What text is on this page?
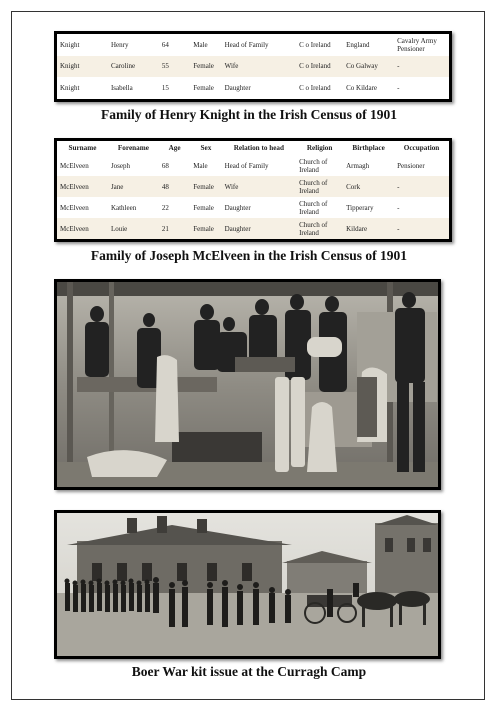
Knight	Henry	64	Male	Head of Family	C o Ireland	England	Cavalry Army Pensioner
Knight	Caroline	55	Female	Wife	C o Ireland	Co Galway	-
Knight	Isabella	15	Female	Daughter	C o Ireland	Co Kildare	-
Family of Henry Knight in the Irish Census of 1901
Surname	Forename	Age	Sex	Relation to head	Religion	Birthplace	Occupation
McElveen	Joseph	68	Male	Head of Family	Church of Ireland	Armagh	Pensioner
McElveen	Jane	48	Female	Wife	Church of Ireland	Cork	-
McElveen	Kathleen	22	Female	Daughter	Church of Ireland	Tipperary	-
McElveen	Louie	21	Female	Daughter	Church of Ireland	Kildare	-
Family of Joseph McElveen in the Irish Census of 1901
Boer War kit issue at the Curragh Camp
